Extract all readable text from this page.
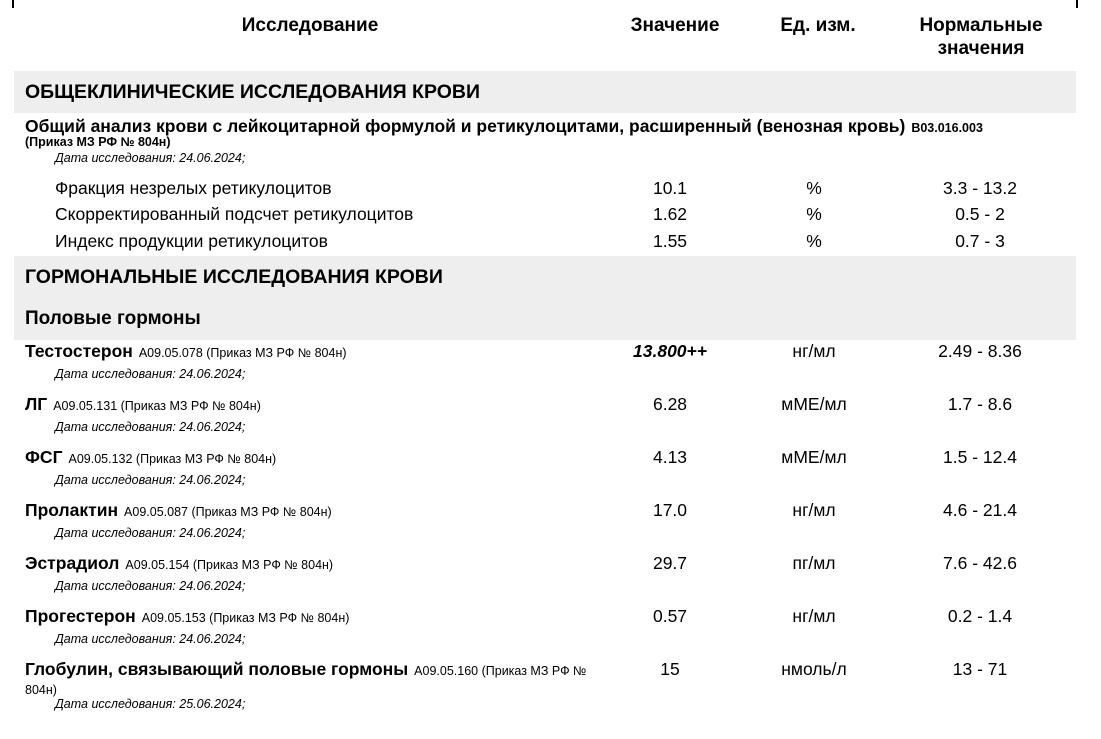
Исследование	Значение	Ед. изм.	Нормальные
значения
ОБЩЕКЛИНИЧЕСКИЕ ИССЛЕДОВАНИЯ КРОВИ
Общий анализ крови с лейкоцитарной формулой и ретикулоцитами, расширенный (венозная кровь) B03.016.003
(Приказ МЗ РФ № 804н)
Дата исследования: 24.06.2024;
Фракция незрелых ретикулоцитов	10.1	%	3.3 - 13.2
Скорректированный подсчет ретикулоцитов	1.62	%	0.5 - 2
Индекс продукции ретикулоцитов	1.55	%	0.7 - 3
ГОРМОНАЛЬНЫЕ ИССЛЕДОВАНИЯ КРОВИ
Половые гормоны
Тестостерон A09.05.078 (Приказ МЗ РФ № 804н)	13.800++	нг/мл	2.49 - 8.36
Дата исследования: 24.06.2024;
ЛГ A09.05.131 (Приказ МЗ РФ № 804н)	6.28	мМЕ/мл	1.7 - 8.6
Дата исследования: 24.06.2024;
ФСГ A09.05.132 (Приказ МЗ РФ № 804н)	4.13	мМЕ/мл	1.5 - 12.4
Дата исследования: 24.06.2024;
Пролактин A09.05.087 (Приказ МЗ РФ № 804н)	17.0	нг/мл	4.6 - 21.4
Дата исследования: 24.06.2024;
Эстрадиол A09.05.154 (Приказ МЗ РФ № 804н)	29.7	пг/мл	7.6 - 42.6
Дата исследования: 24.06.2024;
Прогестерон A09.05.153 (Приказ МЗ РФ № 804н)	0.57	нг/мл	0.2 - 1.4
Дата исследования: 24.06.2024;
Глобулин, связывающий половые гормоны A09.05.160 (Приказ МЗ РФ № 804н)
15	нмоль/л	13 - 71
Дата исследования: 25.06.2024;
